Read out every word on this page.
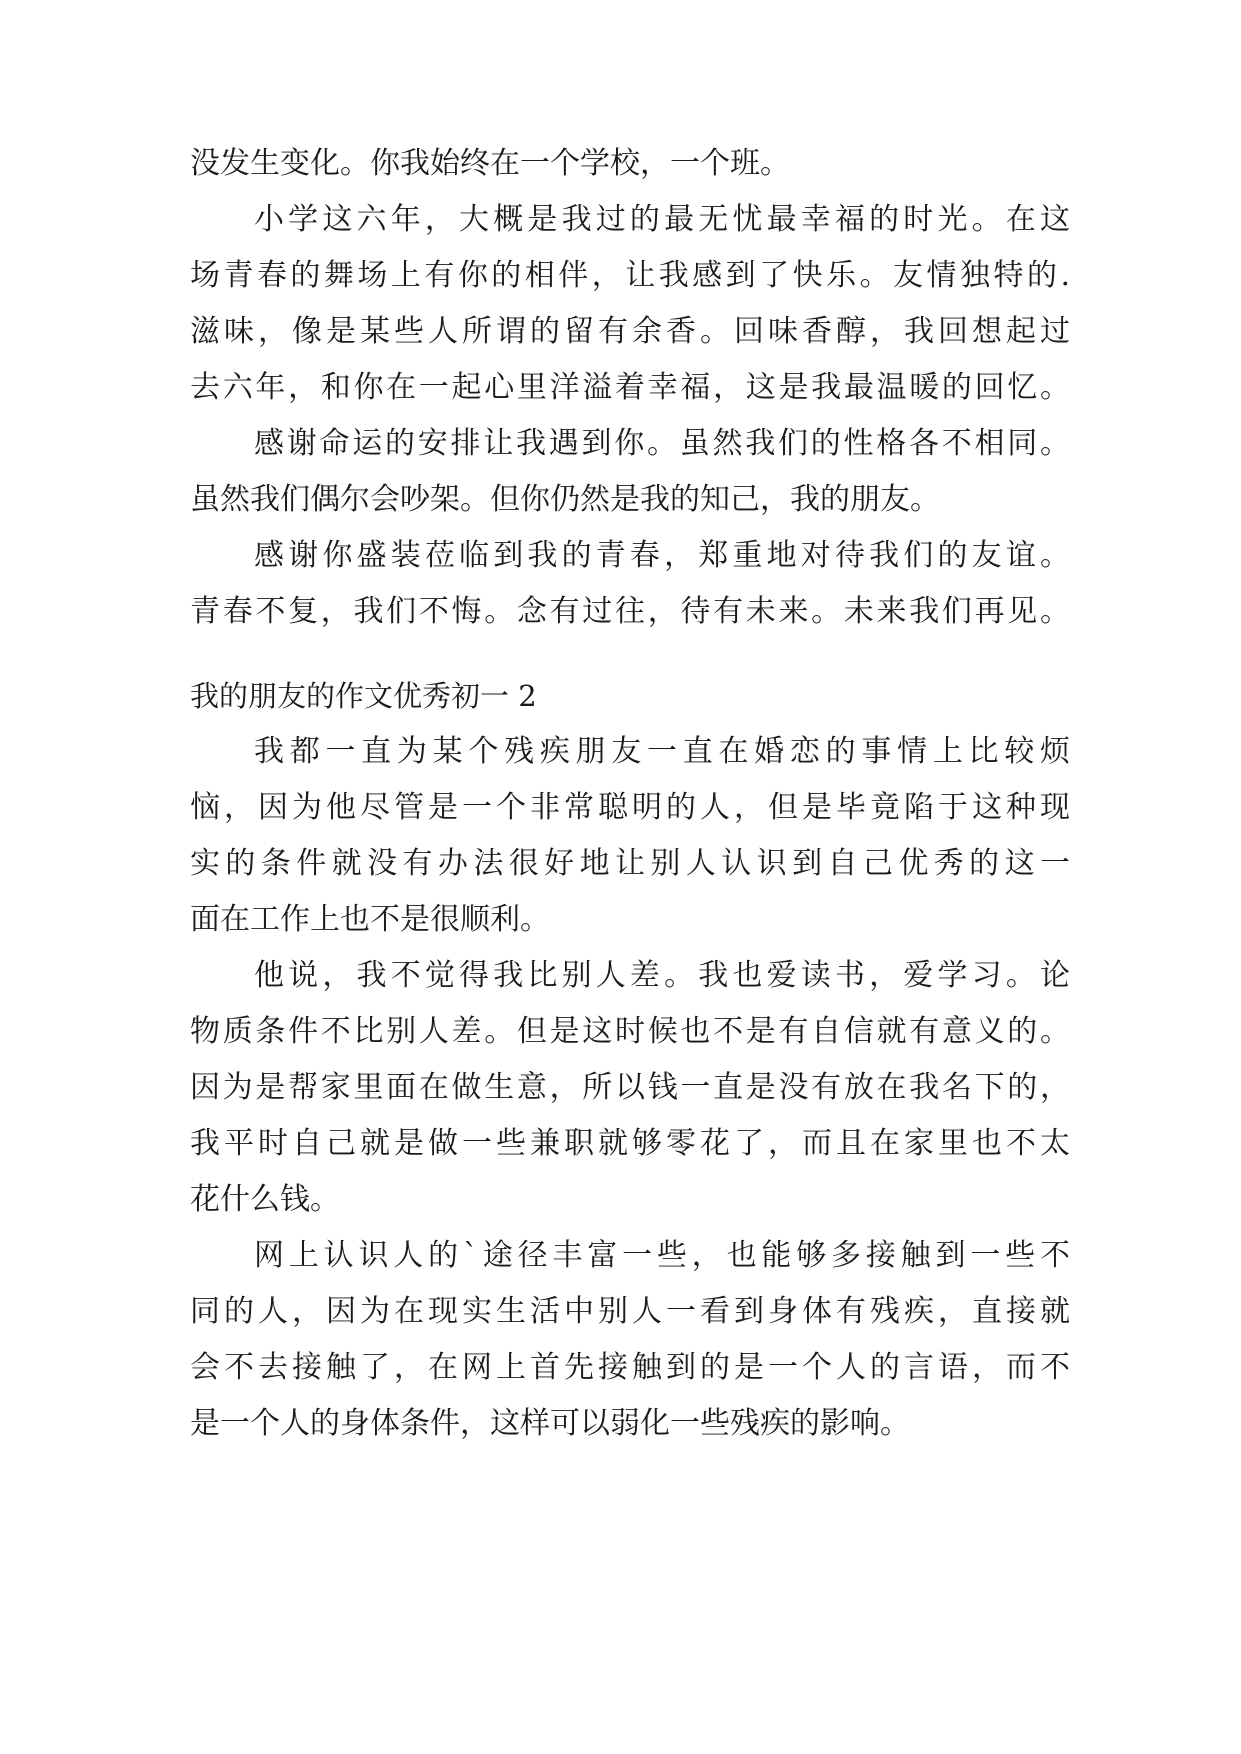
没发生变化。你我始终在一个学校，一个班。
小学这六年，大概是我过的最无忧最幸福的时光。在这
场青春的舞场上有你的相伴，让我感到了快乐。友情独特的.
滋味，像是某些人所谓的留有余香。回味香醇，我回想起过
去六年，和你在一起心里洋溢着幸福，这是我最温暖的回忆。
感谢命运的安排让我遇到你。虽然我们的性格各不相同。
虽然我们偶尔会吵架。但你仍然是我的知己，我的朋友。
感谢你盛装莅临到我的青春，郑重地对待我们的友谊。
青春不复，我们不悔。念有过往，待有未来。未来我们再见。
我的朋友的作文优秀初一 2
我都一直为某个残疾朋友一直在婚恋的事情上比较烦
恼，因为他尽管是一个非常聪明的人，但是毕竟陷于这种现
实的条件就没有办法很好地让别人认识到自己优秀的这一
面在工作上也不是很顺利。
他说，我不觉得我比别人差。我也爱读书，爱学习。论
物质条件不比别人差。但是这时候也不是有自信就有意义的。
因为是帮家里面在做生意，所以钱一直是没有放在我名下的，
我平时自己就是做一些兼职就够零花了，而且在家里也不太
花什么钱。
网上认识人的`途径丰富一些，也能够多接触到一些不
同的人，因为在现实生活中别人一看到身体有残疾，直接就
会不去接触了，在网上首先接触到的是一个人的言语，而不
是一个人的身体条件，这样可以弱化一些残疾的影响。
